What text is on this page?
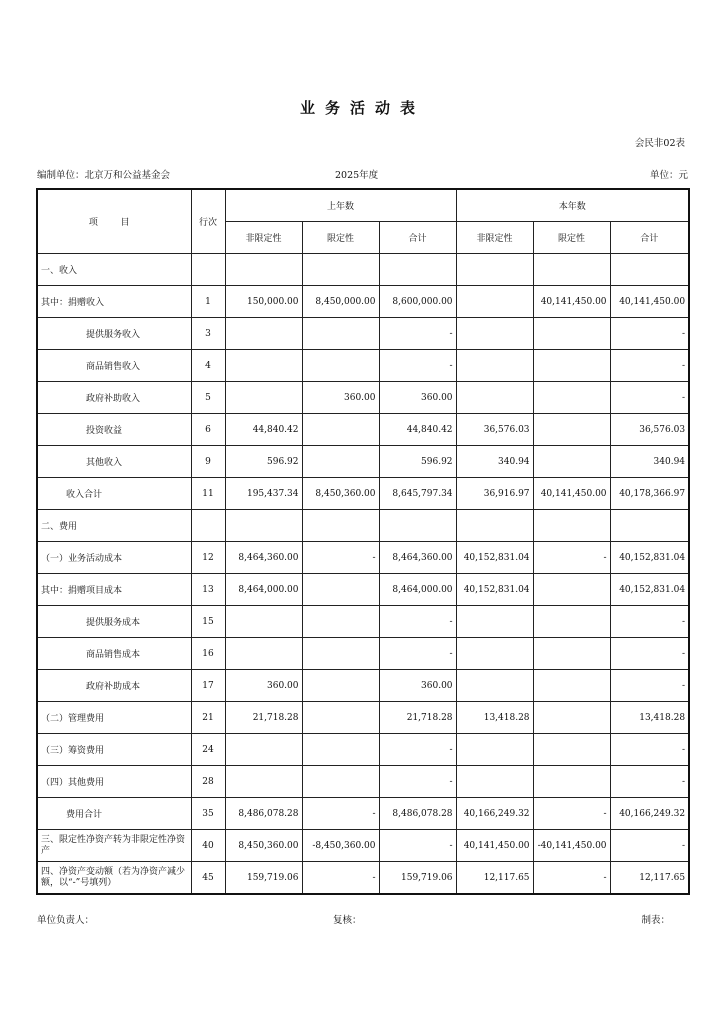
业务活动表
会民非02表
编制单位：北京万和公益基金会	2025年度	单位：元
项 目	行次	上年数			本年数		
		非限定性	限定性	合计	非限定性	限定性	合计
一、收入							
其中：捐赠收入	1	150,000.00	8,450,000.00	8,600,000.00		40,141,450.00	40,141,450.00
提供服务收入	3			-			-
商品销售收入	4			-			-
政府补助收入	5		360.00	360.00			-
投资收益	6	44,840.42		44,840.42	36,576.03		36,576.03
其他收入	9	596.92		596.92	340.94		340.94
收入合计	11	195,437.34	8,450,360.00	8,645,797.34	36,916.97	40,141,450.00	40,178,366.97
二、费用							
（一）业务活动成本	12	8,464,360.00	-	8,464,360.00	40,152,831.04	-	40,152,831.04
其中：捐赠项目成本	13	8,464,000.00		8,464,000.00	40,152,831.04		40,152,831.04
提供服务成本	15			-			-
商品销售成本	16			-			-
政府补助成本	17	360.00		360.00			-
（二）管理费用	21	21,718.28		21,718.28	13,418.28		13,418.28
（三）筹资费用	24			-			-
（四）其他费用	28			-			-
费用合计	35	8,486,078.28	-	8,486,078.28	40,166,249.32	-	40,166,249.32
三、限定性净资产转为非限定性净资产	40	8,450,360.00	-8,450,360.00	-	40,141,450.00	-40,141,450.00	-
四、净资产变动额（若为净资产减少额，以“-”号填列）	45	159,719.06	-	159,719.06	12,117.65	-	12,117.65
单位负责人：	复核：	制表：
